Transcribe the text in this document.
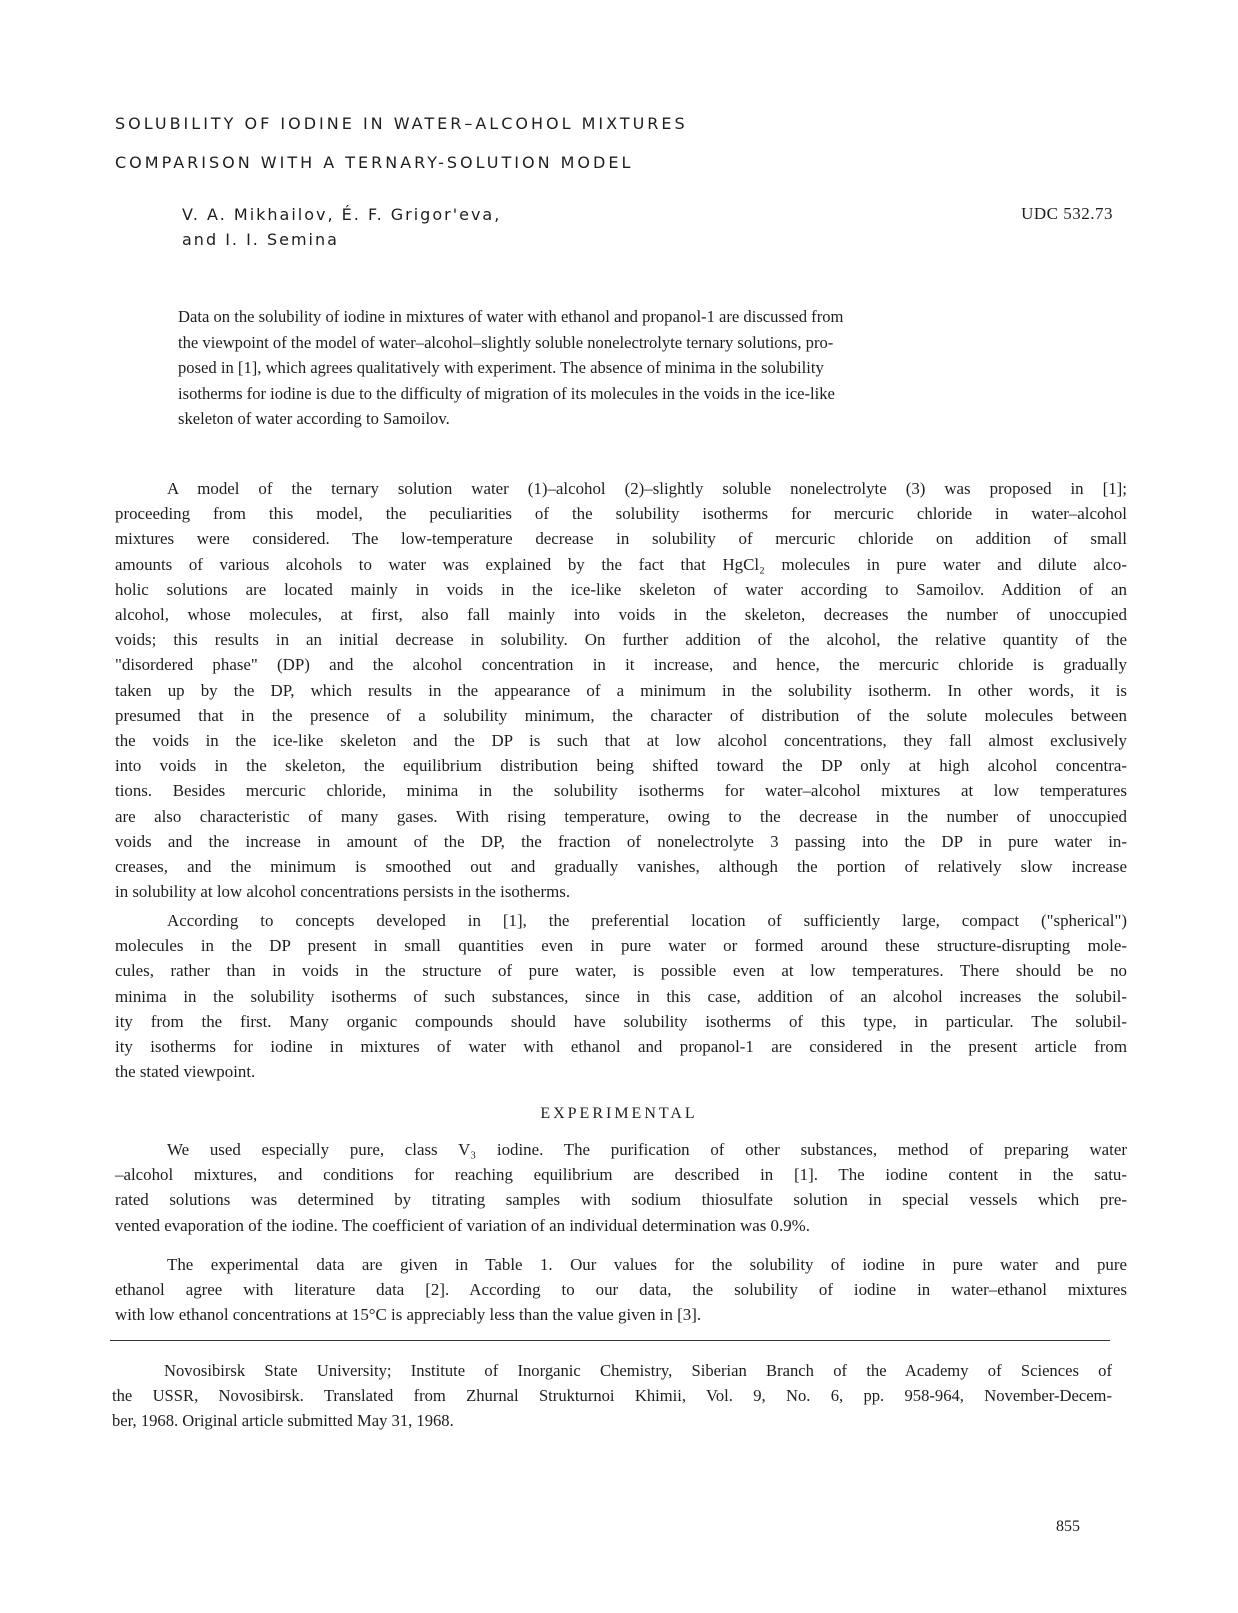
SOLUBILITY OF IODINE IN WATER–ALCOHOL MIXTURES
COMPARISON WITH A TERNARY-SOLUTION MODEL
V. A. Mikhailov, É. F. Grigor'eva,
and I. I. Semina
UDC 532.73
Data on the solubility of iodine in mixtures of water with ethanol and propanol-1 are discussed from
the viewpoint of the model of water–alcohol–slightly soluble nonelectrolyte ternary solutions, pro-
posed in [1], which agrees qualitatively with experiment. The absence of minima in the solubility
isotherms for iodine is due to the difficulty of migration of its molecules in the voids in the ice-like
skeleton of water according to Samoilov.
A model of the ternary solution water (1)–alcohol (2)–slightly soluble nonelectrolyte (3) was proposed in [1];
proceeding from this model, the peculiarities of the solubility isotherms for mercuric chloride in water–alcohol
mixtures were considered. The low-temperature decrease in solubility of mercuric chloride on addition of small
amounts of various alcohols to water was explained by the fact that HgCl₂ molecules in pure water and dilute alco-
holic solutions are located mainly in voids in the ice-like skeleton of water according to Samoilov. Addition of an
alcohol, whose molecules, at first, also fall mainly into voids in the skeleton, decreases the number of unoccupied
voids; this results in an initial decrease in solubility. On further addition of the alcohol, the relative quantity of the
"disordered phase" (DP) and the alcohol concentration in it increase, and hence, the mercuric chloride is gradually
taken up by the DP, which results in the appearance of a minimum in the solubility isotherm. In other words, it is
presumed that in the presence of a solubility minimum, the character of distribution of the solute molecules between
the voids in the ice-like skeleton and the DP is such that at low alcohol concentrations, they fall almost exclusively
into voids in the skeleton, the equilibrium distribution being shifted toward the DP only at high alcohol concentra-
tions. Besides mercuric chloride, minima in the solubility isotherms for water–alcohol mixtures at low temperatures
are also characteristic of many gases. With rising temperature, owing to the decrease in the number of unoccupied
voids and the increase in amount of the DP, the fraction of nonelectrolyte 3 passing into the DP in pure water in-
creases, and the minimum is smoothed out and gradually vanishes, although the portion of relatively slow increase
in solubility at low alcohol concentrations persists in the isotherms.
According to concepts developed in [1], the preferential location of sufficiently large, compact ("spherical")
molecules in the DP present in small quantities even in pure water or formed around these structure-disrupting mole-
cules, rather than in voids in the structure of pure water, is possible even at low temperatures. There should be no
minima in the solubility isotherms of such substances, since in this case, addition of an alcohol increases the solubil-
ity from the first. Many organic compounds should have solubility isotherms of this type, in particular. The solubil-
ity isotherms for iodine in mixtures of water with ethanol and propanol-1 are considered in the present article from
the stated viewpoint.
EXPERIMENTAL
We used especially pure, class V₃ iodine. The purification of other substances, method of preparing water
–alcohol mixtures, and conditions for reaching equilibrium are described in [1]. The iodine content in the satu-
rated solutions was determined by titrating samples with sodium thiosulfate solution in special vessels which pre-
vented evaporation of the iodine. The coefficient of variation of an individual determination was 0.9%.
The experimental data are given in Table 1. Our values for the solubility of iodine in pure water and pure
ethanol agree with literature data [2]. According to our data, the solubility of iodine in water–ethanol mixtures
with low ethanol concentrations at 15°C is appreciably less than the value given in [3].
Novosibirsk State University; Institute of Inorganic Chemistry, Siberian Branch of the Academy of Sciences of
the USSR, Novosibirsk. Translated from Zhurnal Strukturnoi Khimii, Vol. 9, No. 6, pp. 958-964, November-Decem-
ber, 1968. Original article submitted May 31, 1968.
855
